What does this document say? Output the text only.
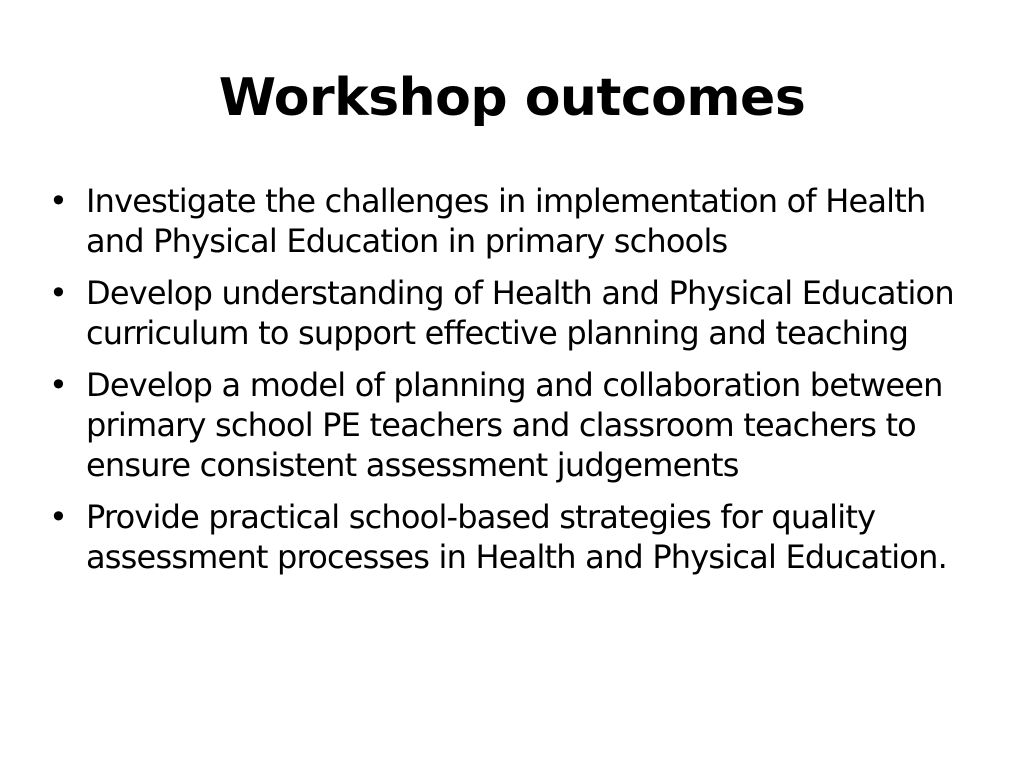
Workshop outcomes
• Investigate the challenges in implementation of Health and Physical Education in primary schools
• Develop understanding of Health and Physical Education curriculum to support effective planning and teaching
• Develop a model of planning and collaboration between primary school PE teachers and classroom teachers to ensure consistent assessment judgements
• Provide practical school-based strategies for quality assessment processes in Health and Physical Education.
